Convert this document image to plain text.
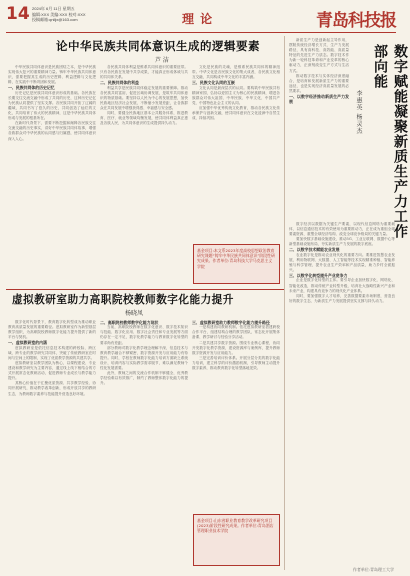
14 2024年 6月 11日 星期五
编辑:XXX 美编:XXX 校对:XXX
投稿邮箱:qnlljx@163.com	理 论	青岛科技报
论中华民族共同体意识生成的逻辑要素
芦 洁

中华民族共同体意识是民族团结之本，是中华民族实现伟大复兴的重要精神力量。铸牢中华民族共同体意识，需要把握其生成的历史逻辑、利益逻辑与文化逻辑，在实践中不断巩固和发展。

一、民族共同体的历史记忆

历史记忆是民族共同体意识形成的基础。各民族在长期交往交流交融中形成了共同的历史，这种历史记忆为民族认同提供了坚实支撑。各民族共同开拓了辽阔的疆域，共同书写了悠久的历史，共同创造了灿烂的文化，共同培育了伟大的民族精神，这是中华民族共同体形成与发展的根基所在。

在新时代背景下，需要不断挖掘和阐释各民族交往交流交融的历史事实，讲好中华民族共同体故事，增强各族群众对中华民族的认同感与归属感，使共同体意识深入人心。

各民族共同体利益是维系共同体意识的重要纽带。只有各民族在发展中共享成果，才能真正形成休戚与共的共同体关系。

二、民族共同体的利益

利益共享是民族共同体稳定发展的重要保障。推动各民族共同富裕，促进区域协调发展，是筑牢共同体意识的物质基础。要坚持以人民为中心的发展思想，加快民族地区经济社会发展，不断缩小发展差距，让各族群众在共同发展中增强获得感、幸福感与安全感。

同时，要健全民族地区基本公共服务体系，推进教育、医疗、就业等领域均衡发展，使共同体利益真正惠及各族人民，为共同体意识的生成提供持久动力。

文化是民族的灵魂，是维系民族共同体的精神纽带。中华文化是各民族文化的集大成者，各民族文化相互交融，共同构成中华文化的丰富内涵。

三、民族文化认同的互嵌

文化认同是最深层次的认同。要构筑中华民族共有精神家园，弘扬以爱国主义为核心的民族精神，增进各族群众对伟大祖国、中华民族、中华文化、中国共产党、中国特色社会主义的认同。

应加强中华优秀传统文化教育，推动各民族文化传承保护与创新交融，使共同体意识在文化浸润中自然生成、持续巩固。

基金项目:本文系2023年度高校思想政治教育研究课题“铸牢中华民族共同体意识”阶段性研究成果。作者单位:青岛科技大学马克思主义学院
虚拟教研室助力高职院校教师数字化能力提升
杨晓凤

数字化时代背景下，教育数字化转型成为推动职业教育高质量发展的重要路径。虚拟教研室作为新型基层教学组织，为高职院校教师数字化能力提升提供了新的平台与契机。

一、虚拟教研室的内涵

虚拟教研室是依托信息技术构建的跨校际、跨区域、跨专业的教学研究共同体，突破了传统教研室在时间与空间上的限制，实现了优质教学资源的共建共享。

虚拟教研室以教学团队为核心，以课程建设、专业建设和教学研究为主要内容，通过线上线下相结合的方式开展常态化教研活动，促进教师专业成长与教学能力提升。

其核心价值在于汇聚优质资源、共享教学经验、协同开展研究，推动教学改革创新，形成开放共享的教研生态，为教师数字素养与技能提升营造良好环境。

二、高职院校教师数字化能力现状

当前，高职院校教师在数字化意识、数字技术知识与技能、数字化应用、数字社会责任和专业发展等方面仍存在一定不足，数字化教学能力与教育数字化转型的要求尚有差距。

部分教师对数字化教学理念理解不深，信息技术与教育教学融合不够紧密，数字资源开发与应用能力有待提升。同时，学校在教师数字化能力培训方面缺乏系统设计，培训内容与实际教学需求脱节，难以满足教师个性化发展需要。

此外，教师之间的交流合作机制不够健全，优秀教学经验难以有效推广，制约了教师整体数字化能力的提升。

三、虚拟教研室助力教师数字化能力提升路径

一是构建协同教研机制。依托虚拟教研室搭建跨校合作平台，组建结构合理的教学团队，常态化开展集体备课、教学研讨与经验分享活动。

二是共建共享数字资源。围绕专业核心课程，协同开发数字化教学资源，建设资源库与案例库，提升教师数字资源开发与应用能力。

三是完善培训评价体系。开展分层分类的数字化能力培训，建立科学的评价激励机制，引导教师主动提升数字素养，推动教育数字化转型落地见效。

基金项目:山东省职业教育教学改革研究项目(2023)阶段性研究成果。作者单位:青岛酒店管理职业技术学院
数字赋能凝聚新质生产力工作部向能
李惠英 杨灵杰

新质生产力是创新起主导作用，摆脱传统经济增长方式、生产力发展路径，具有高科技、高效能、高质量特征的先进生产力质态。数字技术作为新一轮科技革命和产业变革的核心驱动力，正深刻改变生产方式与生活方式。

推动数字技术与实体经济深度融合，是培育和发展新质生产力的重要途径，也是实现经济高质量发展的必然要求。

一、以数字经济推动新质生产力发展

数字经济以数据为关键生产要素，以现代信息网络为重要载体，以信息通信技术的有效使用为重要推动力，正在成为重组全球要素资源、重塑全球经济结构、改变全球竞争格局的关键力量。

要加快数字基础设施建设，推动5G、工业互联网、数据中心等新型基础设施布局，夯实新质生产力发展的数字底座。

二、以数字技术赋能农业发展

农业数字化是推动农业现代化的重要方向。要推进智慧农业发展，利用物联网、大数据、人工智能等技术实现精准种植、智能养殖与科学管理，提升农业生产效率和产品质量，助力乡村全面振兴。

三、以数字化转型提升产业竞争力

企业是数字化转型的主体。要引导企业加快数字化、网络化、智能化改造，推动传统产业转型升级，培育壮大战略性新兴产业和未来产业，构建具有竞争力的现代化产业体系。

同时，要加强数字人才培养，完善数据要素市场制度，营造良好的数字生态，为新质生产力发展提供坚实支撑与持久动力。

作者单位:青岛理工大学
